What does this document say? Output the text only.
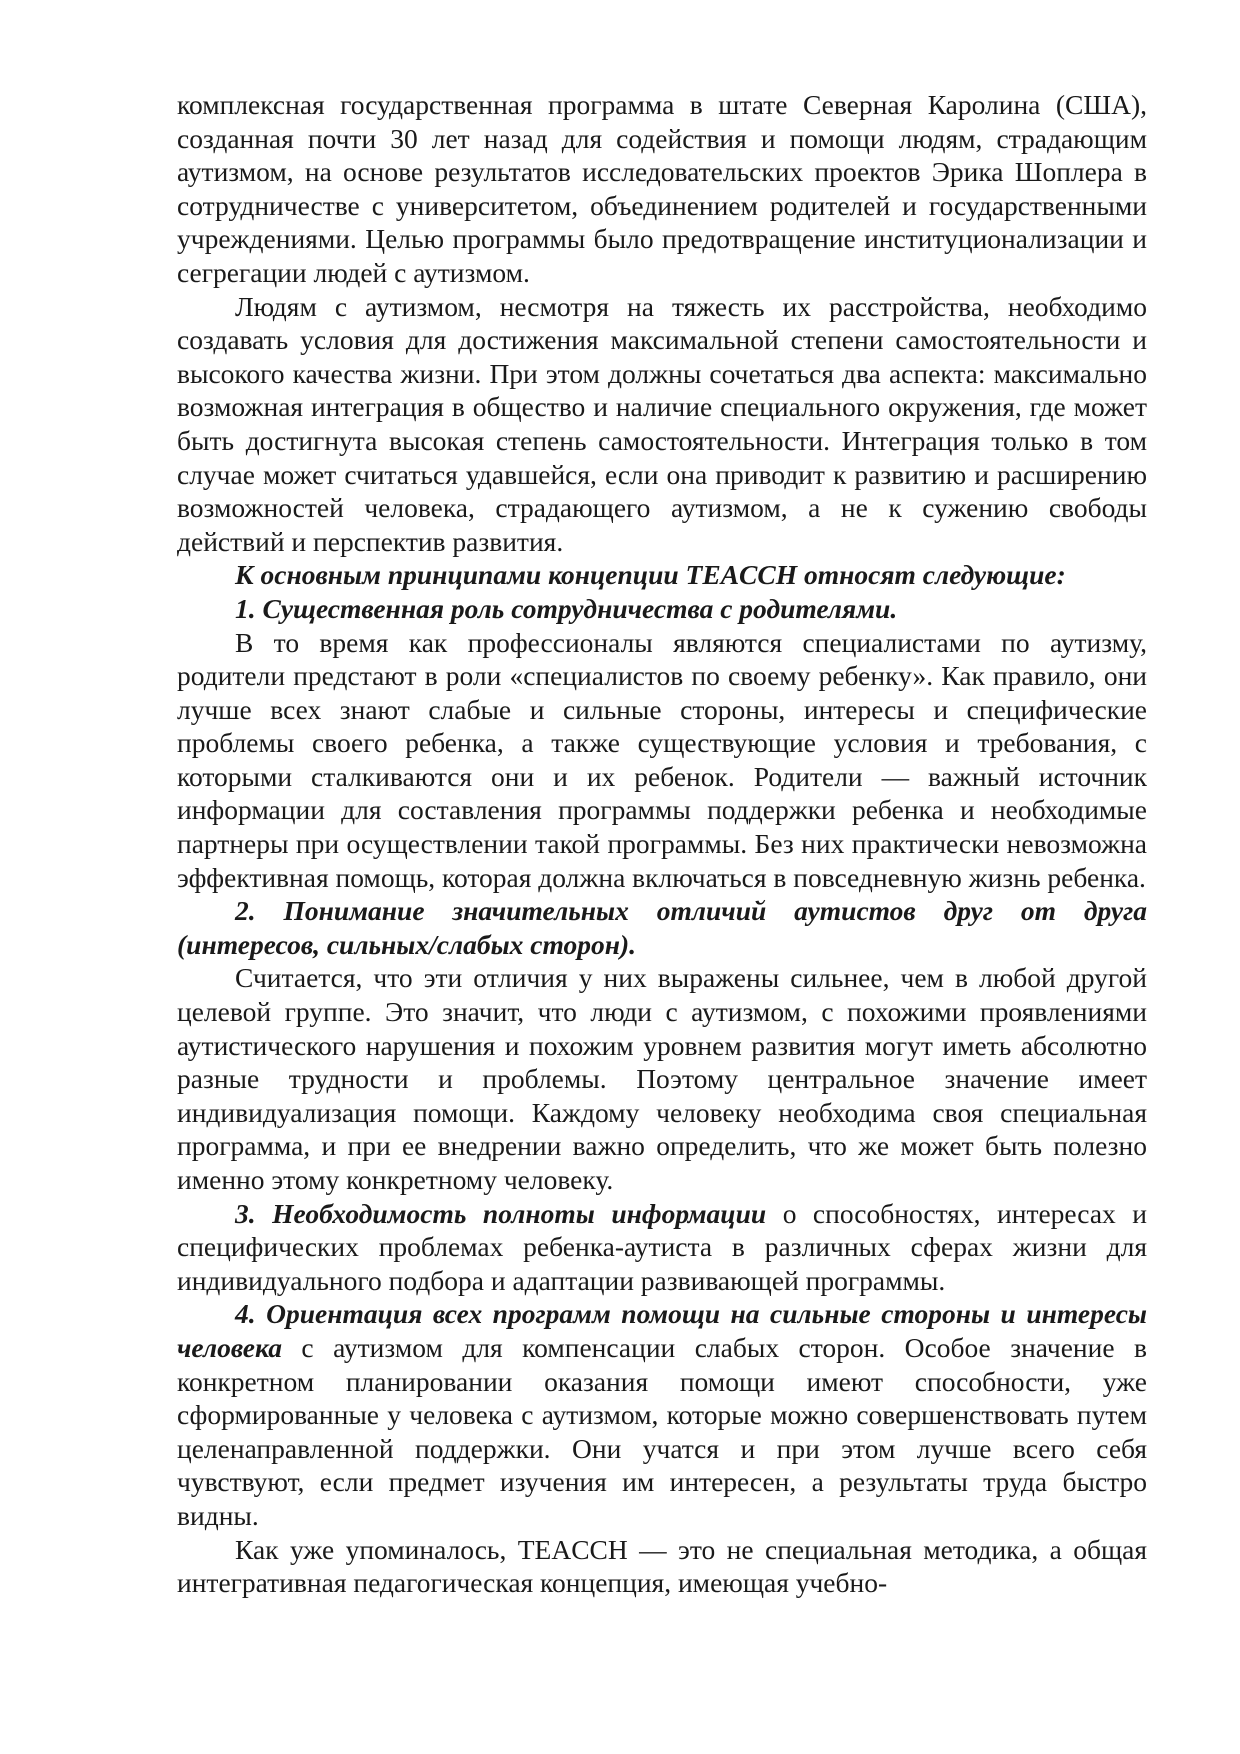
комплексная государственная программа в штате Северная Каролина (США), созданная почти 30 лет назад для содействия и помощи людям, страдающим аутизмом, на основе результатов исследовательских проектов Эрика Шоплера в сотрудничестве с университетом, объединением родителей и государственными учреждениями. Целью программы было предотвращение институционализации и сегрегации людей с аутизмом.

Людям с аутизмом, несмотря на тяжесть их расстройства, необходимо создавать условия для достижения максимальной степени самостоятельности и высокого качества жизни. При этом должны сочетаться два аспекта: максимально возможная интеграция в общество и наличие специального окружения, где может быть достигнута высокая степень самостоятельности. Интеграция только в том случае может считаться удавшейся, если она приводит к развитию и расширению возможностей человека, страдающего аутизмом, а не к сужению свободы действий и перспектив развития.

К основным принципами концепции TEACCH относят следующие:

1. Существенная роль сотрудничества с родителями.

В то время как профессионалы являются специалистами по аутизму, родители предстают в роли «специалистов по своему ребенку». Как правило, они лучше всех знают слабые и сильные стороны, интересы и специфические проблемы своего ребенка, а также существующие условия и требования, с которыми сталкиваются они и их ребенок. Родители — важный источник информации для составления программы поддержки ребенка и необходимые партнеры при осуществлении такой программы. Без них практически невозможна эффективная помощь, которая должна включаться в повседневную жизнь ребенка.

2. Понимание значительных отличий аутистов друг от друга (интересов, сильных/слабых сторон).

Считается, что эти отличия у них выражены сильнее, чем в любой другой целевой группе. Это значит, что люди с аутизмом, с похожими проявлениями аутистического нарушения и похожим уровнем развития могут иметь абсолютно разные трудности и проблемы. Поэтому центральное значение имеет индивидуализация помощи. Каждому человеку необходима своя специальная программа, и при ее внедрении важно определить, что же может быть полезно именно этому конкретному человеку.

3. Необходимость полноты информации о способностях, интересах и специфических проблемах ребенка-аутиста в различных сферах жизни для индивидуального подбора и адаптации развивающей программы.

4. Ориентация всех программ помощи на сильные стороны и интересы человека с аутизмом для компенсации слабых сторон. Особое значение в конкретном планировании оказания помощи имеют способности, уже сформированные у человека с аутизмом, которые можно совершенствовать путем целенаправленной поддержки. Они учатся и при этом лучше всего себя чувствуют, если предмет изучения им интересен, а результаты труда быстро видны.

Как уже упоминалось, TEACCH — это не специальная методика, а общая интегративная педагогическая концепция, имеющая учебно-
